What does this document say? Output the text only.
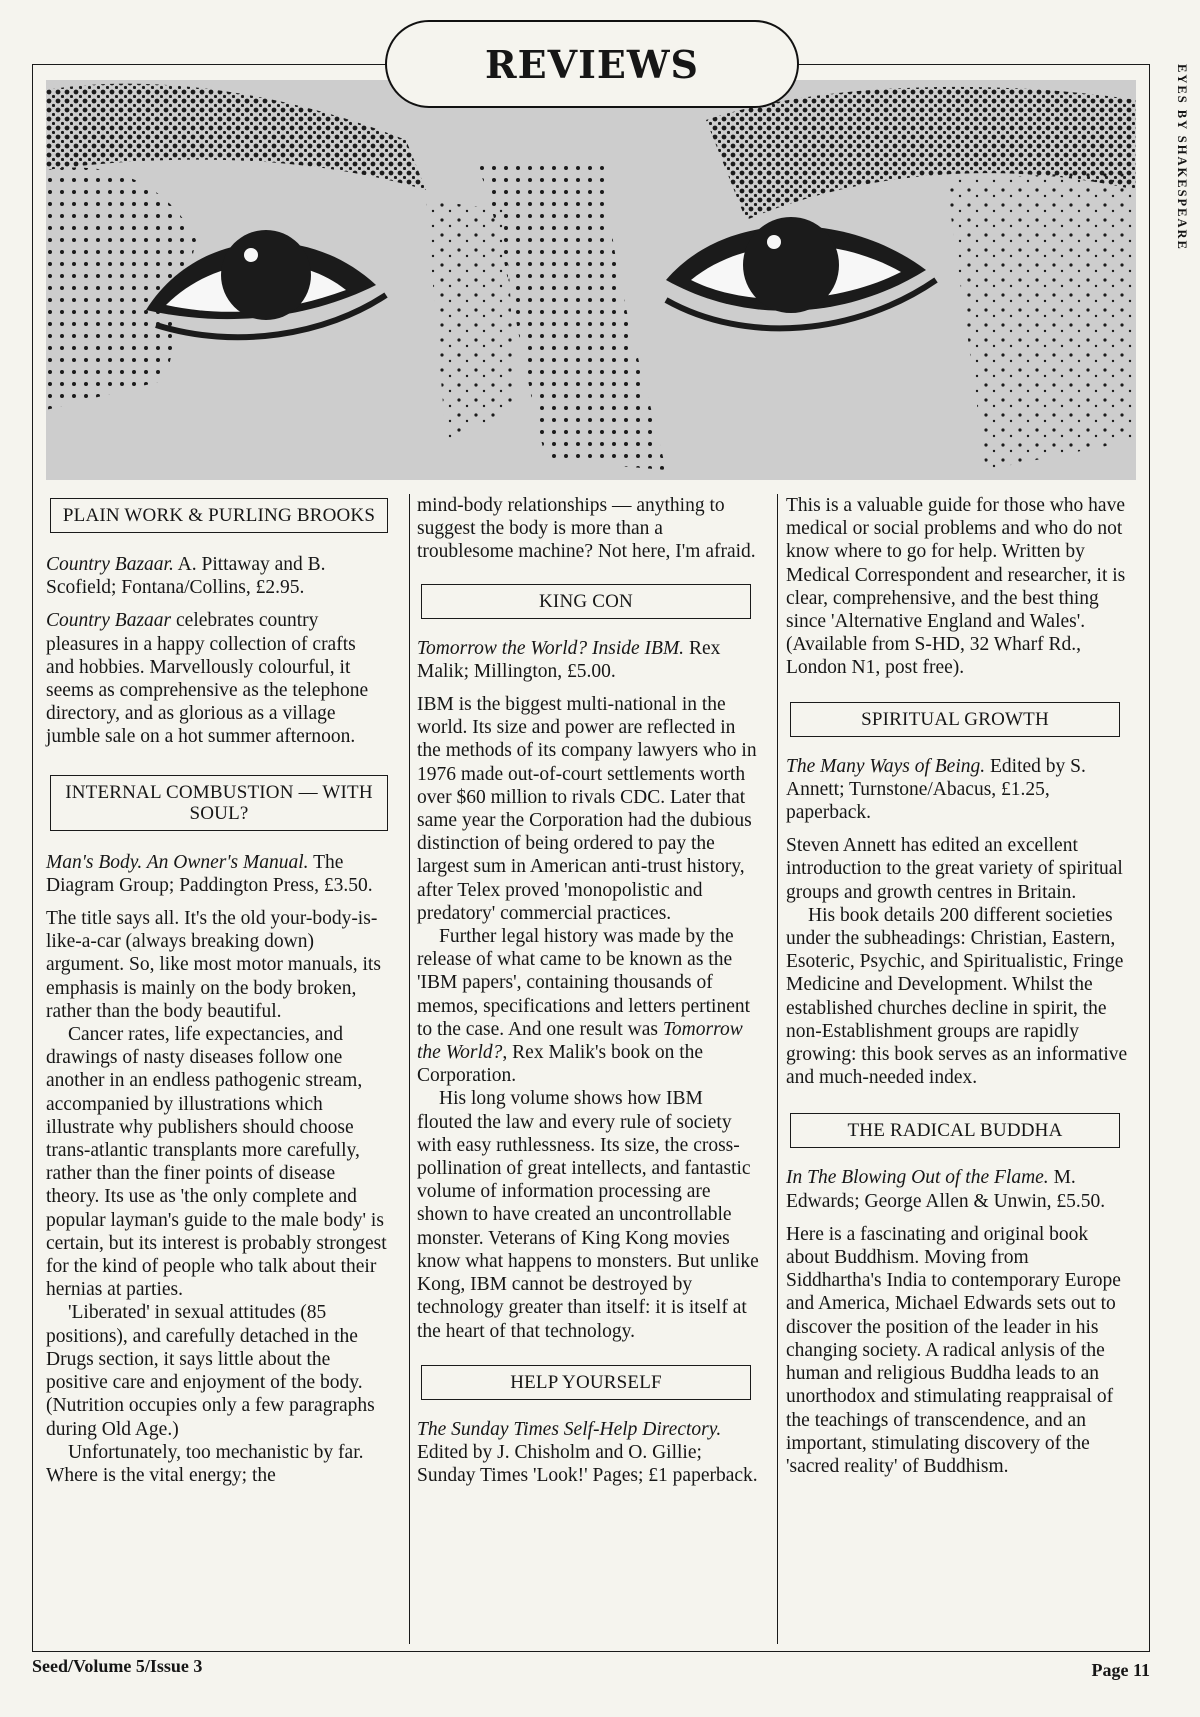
REVIEWS	EYES BY SHAKESPEARE
PLAIN WORK & PURLING BROOKS
Country Bazaar. A. Pittaway and B. Scofield; Fontana/Collins, £2.95.

Country Bazaar celebrates country pleasures in a happy collection of crafts and hobbies. Marvellously colourful, it seems as comprehensive as the telephone directory, and as glorious as a village jumble sale on a hot summer afternoon.

INTERNAL COMBUSTION — WITH SOUL?
Man's Body. An Owner's Manual. The Diagram Group; Paddington Press, £3.50.

The title says all. It's the old your-body-is-like-a-car (always breaking down) argument. So, like most motor manuals, its emphasis is mainly on the body broken, rather than the body beautiful.

Cancer rates, life expectancies, and drawings of nasty diseases follow one another in an endless pathogenic stream, accompanied by illustrations which illustrate why publishers should choose trans-atlantic transplants more carefully, rather than the finer points of disease theory. Its use as 'the only complete and popular layman's guide to the male body' is certain, but its interest is probably strongest for the kind of people who talk about their hernias at parties.

'Liberated' in sexual attitudes (85 positions), and carefully detached in the Drugs section, it says little about the positive care and enjoyment of the body. (Nutrition occupies only a few paragraphs during Old Age.)

Unfortunately, too mechanistic by far. Where is the vital energy; the

mind-body relationships — anything to suggest the body is more than a troublesome machine? Not here, I'm afraid.

KING CON
Tomorrow the World? Inside IBM. Rex Malik; Millington, £5.00.

IBM is the biggest multi-national in the world. Its size and power are reflected in the methods of its company lawyers who in 1976 made out-of-court settlements worth over $60 million to rivals CDC. Later that same year the Corporation had the dubious distinction of being ordered to pay the largest sum in American anti-trust history, after Telex proved 'monopolistic and predatory' commercial practices.

Further legal history was made by the release of what came to be known as the 'IBM papers', containing thousands of memos, specifications and letters pertinent to the case. And one result was Tomorrow the World?, Rex Malik's book on the Corporation.

His long volume shows how IBM flouted the law and every rule of society with easy ruthlessness. Its size, the cross-pollination of great intellects, and fantastic volume of information processing are shown to have created an uncontrollable monster. Veterans of King Kong movies know what happens to monsters. But unlike Kong, IBM cannot be destroyed by technology greater than itself: it is itself at the heart of that technology.

HELP YOURSELF
The Sunday Times Self-Help Directory. Edited by J. Chisholm and O. Gillie; Sunday Times 'Look!' Pages; £1 paperback.

This is a valuable guide for those who have medical or social problems and who do not know where to go for help. Written by Medical Correspondent and researcher, it is clear, comprehensive, and the best thing since 'Alternative England and Wales'. (Available from S-HD, 32 Wharf Rd., London N1, post free).

SPIRITUAL GROWTH
The Many Ways of Being. Edited by S. Annett; Turnstone/Abacus, £1.25, paperback.

Steven Annett has edited an excellent introduction to the great variety of spiritual groups and growth centres in Britain.

His book details 200 different societies under the subheadings: Christian, Eastern, Esoteric, Psychic, and Spiritualistic, Fringe Medicine and Development. Whilst the established churches decline in spirit, the non-Establishment groups are rapidly growing: this book serves as an informative and much-needed index.

THE RADICAL BUDDHA
In The Blowing Out of the Flame. M. Edwards; George Allen & Unwin, £5.50.

Here is a fascinating and original book about Buddhism. Moving from Siddhartha's India to contemporary Europe and America, Michael Edwards sets out to discover the position of the leader in his changing society. A radical anlysis of the human and religious Buddha leads to an unorthodox and stimulating reappraisal of the teachings of transcendence, and an important, stimulating discovery of the 'sacred reality' of Buddhism.

Seed/Volume 5/Issue 3	Page 11
